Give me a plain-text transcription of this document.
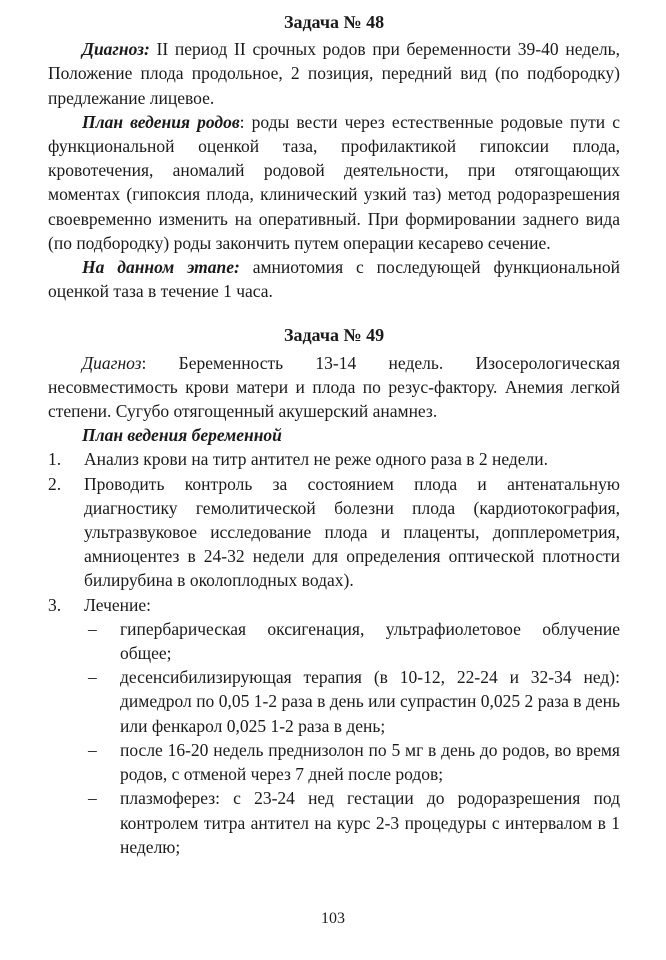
Задача № 48

Диагноз: II период II срочных родов при беременности 39-40 недель, Положение плода продольное, 2 позиция, передний вид (по подбородку) предлежание лицевое.

План ведения родов: роды вести через естественные родовые пути с функциональной оценкой таза, профилактикой гипоксии плода, кровотечения, аномалий родовой деятельности, при отягощающих моментах (гипоксия плода, клинический узкий таз) метод родоразрешения своевременно изменить на оперативный. При формировании заднего вида (по подбородку) роды закончить путем операции кесарево сечение.

На данном этапе: амниотомия с последующей функциональной оценкой таза в течение 1 часа.

Задача № 49

Диагноз: Беременность 13-14 недель. Изосерологическая несовместимость крови матери и плода по резус-фактору. Анемия легкой степени. Сугубо отягощенный акушерский анамнез.

План ведения беременной

1. Анализ крови на титр антител не реже одного раза в 2 недели.
2. Проводить контроль за состоянием плода и антенатальную диагностику гемолитической болезни плода (кардиотокография, ультразвуковое исследование плода и плаценты, допплерометрия, амниоцентез в 24-32 недели для определения оптической плотности билирубина в околоплодных водах).
3. Лечение:
– гипербарическая оксигенация, ультрафиолетовое облучение общее;
– десенсибилизирующая терапия (в 10-12, 22-24 и 32-34 нед): димедрол по 0,05 1-2 раза в день или супрастин 0,025 2 раза в день или фенкарол 0,025 1-2 раза в день;
– после 16-20 недель преднизолон по 5 мг в день до родов, во время родов, с отменой через 7 дней после родов;
– плазмоферез: с 23-24 нед гестации до родоразрешения под контролем титра антител на курс 2-3 процедуры с интервалом в 1 неделю;
103
